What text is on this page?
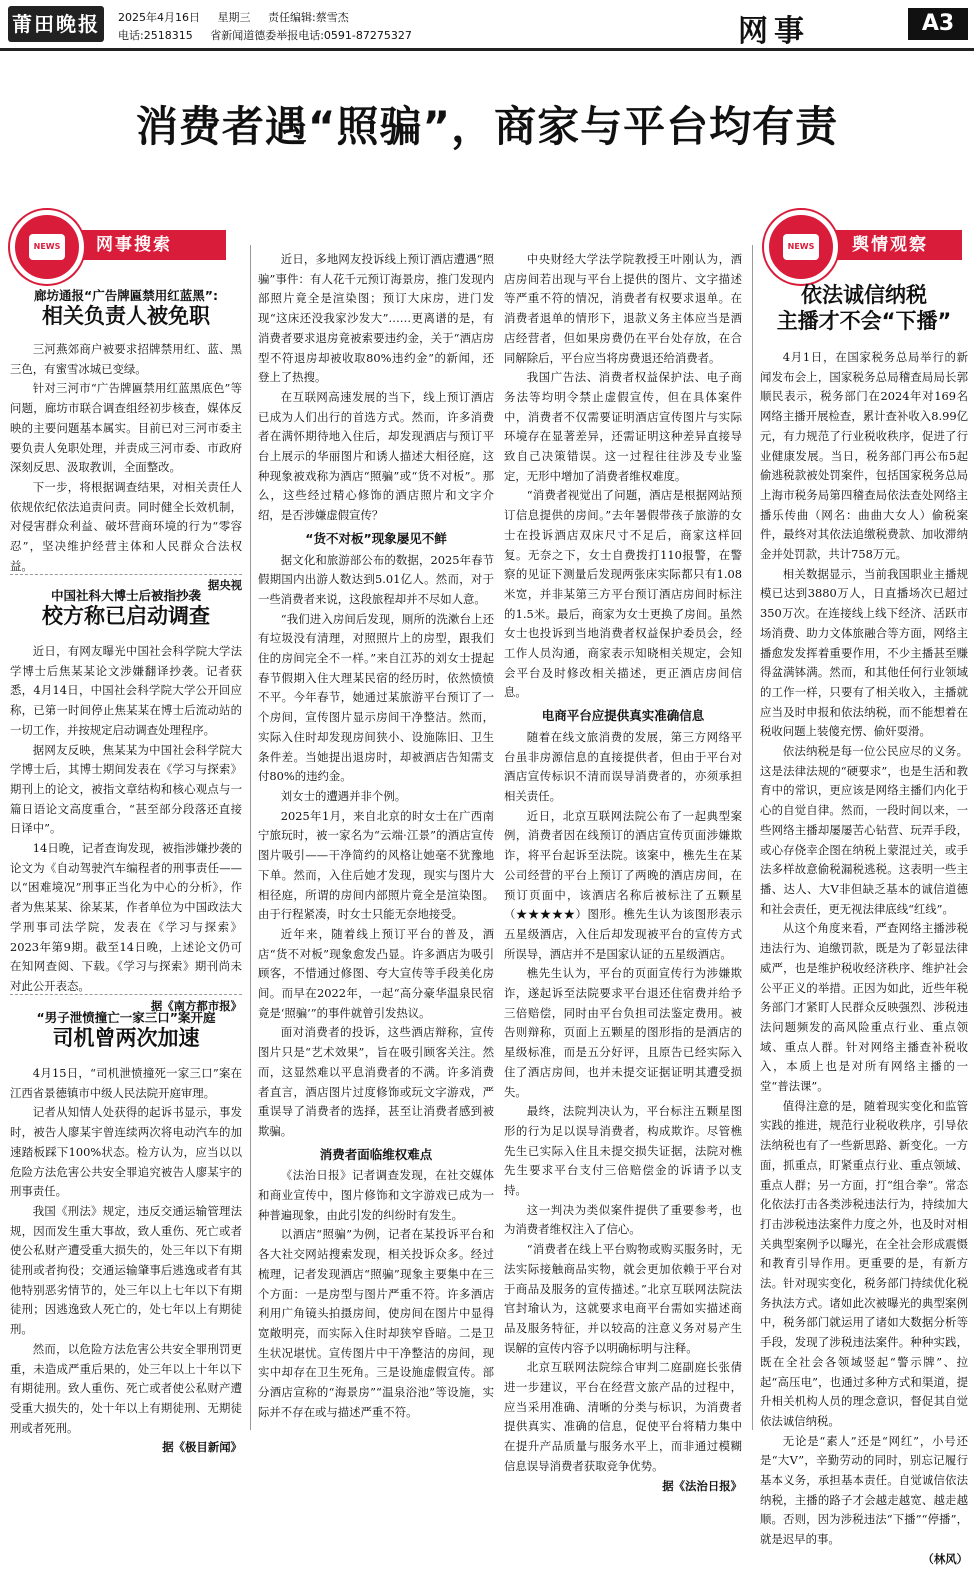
莆田晚报	2025年4月16日 星期三 责任编辑:蔡雪杰
电话:2518315 省新闻道德委举报电话:0591-87275327	网事	A3
消费者遇“照骗”，商家与平台均有责
网事搜索
NEWS
廊坊通报“广告牌匾禁用红蓝黑”:
相关负责人被免职

三河燕郊商户被要求招牌禁用红、蓝、黑三色，有蜜雪冰城已变绿。

针对三河市“广告牌匾禁用红蓝黑底色”等问题，廊坊市联合调查组经初步核查，媒体反映的主要问题基本属实。目前已对三河市委主要负责人免职处理，并责成三河市委、市政府深刻反思、汲取教训，全面整改。

下一步，将根据调查结果，对相关责任人依规依纪依法追责问责。同时健全长效机制，对侵害群众利益、破坏营商环境的行为“零容忍”，坚决维护经营主体和人民群众合法权益。

据央视
中国社科大博士后被指抄袭
校方称已启动调查

近日，有网友曝光中国社会科学院大学法学博士后焦某某论文涉嫌翻译抄袭。记者获悉，4月14日，中国社会科学院大学公开回应称，已第一时间停止焦某某在博士后流动站的一切工作，并按规定启动调查处理程序。

据网友反映，焦某某为中国社会科学院大学博士后，其博士期间发表在《学习与探索》期刊上的论文，被指文章结构和核心观点与一篇日语论文高度重合，“甚至部分段落还直接日译中”。

14日晚，记者查询发现，被指涉嫌抄袭的论文为《自动驾驶汽车编程者的刑事责任——以“困难境况”刑事正当化为中心的分析》，作者为焦某某、徐某某，作者单位为中国政法大学刑事司法学院，发表在《学习与探索》2023年第9期。截至14日晚，上述论文仍可在知网查阅、下载。《学习与探索》期刊尚未对此公开表态。

据《南方都市报》
“男子泄愤撞亡一家三口”案开庭
司机曾两次加速

4月15日，“司机泄愤撞死一家三口”案在江西省景德镇市中级人民法院开庭审理。

记者从知情人处获得的起诉书显示，事发时，被告人廖某宇曾连续两次将电动汽车的加速踏板踩下100%状态。检方认为，应当以以危险方法危害公共安全罪追究被告人廖某宇的刑事责任。

我国《刑法》规定，违反交通运输管理法规，因而发生重大事故，致人重伤、死亡或者使公私财产遭受重大损失的，处三年以下有期徒刑或者拘役；交通运输肇事后逃逸或者有其他特别恶劣情节的，处三年以上七年以下有期徒刑；因逃逸致人死亡的，处七年以上有期徒刑。

然而，以危险方法危害公共安全罪刑罚更重，未造成严重后果的，处三年以上十年以下有期徒刑。致人重伤、死亡或者使公私财产遭受重大损失的，处十年以上有期徒刑、无期徒刑或者死刑。

据《极目新闻》

近日，多地网友投诉线上预订酒店遭遇“照骗”事件：有人花千元预订海景房，推门发现内部照片竟全是渲染图；预订大床房，进门发现“这床还没我家沙发大”……更离谱的是，有消费者要求退房竟被索要违约金，关于“酒店房型不符退房却被收取80%违约金”的新闻，还登上了热搜。

在互联网高速发展的当下，线上预订酒店已成为人们出行的首选方式。然而，许多消费者在满怀期待地入住后，却发现酒店与预订平台上展示的华丽图片和诱人描述大相径庭，这种现象被戏称为酒店“照骗”或“货不对板”。那么，这些经过精心修饰的酒店照片和文字介绍，是否涉嫌虚假宣传？

“货不对板”现象屡见不鲜

据文化和旅游部公布的数据，2025年春节假期国内出游人数达到5.01亿人。然而，对于一些消费者来说，这段旅程却并不尽如人意。

“我们进入房间后发现，厕所的洗漱台上还有垃圾没有清理，对照照片上的房型，跟我们住的房间完全不一样。”来自江苏的刘女士提起春节假期入住大理某民宿的经历时，依然愤愤不平。今年春节，她通过某旅游平台预订了一个房间，宣传图片显示房间干净整洁。然而，实际入住时却发现房间狭小、设施陈旧、卫生条件差。当她提出退房时，却被酒店告知需支付80%的违约金。

刘女士的遭遇并非个例。

2025年1月，来自北京的时女士在广西南宁旅玩时，被一家名为“云端·江景”的酒店宣传图片吸引——干净简约的风格让她毫不犹豫地下单。然而，入住后她才发现，现实与图片大相径庭，所谓的房间内部照片竟全是渲染图。由于行程紧凑，时女士只能无奈地接受。

近年来，随着线上预订平台的普及，酒店“货不对板”现象愈发凸显。许多酒店为吸引顾客，不惜通过修图、夸大宣传等手段美化房间。而早在2022年，一起“高分豪华温泉民宿竟是‘照骗’”的事件就曾引发热议。

面对消费者的投诉，这些酒店辩称，宣传图片只是“艺术效果”，旨在吸引顾客关注。然而，这显然难以平息消费者的不满。许多消费者直言，酒店图片过度修饰或玩文字游戏，严重误导了消费者的选择，甚至让消费者感到被欺骗。

消费者面临维权难点

《法治日报》记者调查发现，在社交媒体和商业宣传中，图片修饰和文字游戏已成为一种普遍现象，由此引发的纠纷时有发生。

以酒店“照骗”为例，记者在某投诉平台和各大社交网站搜索发现，相关投诉众多。经过梳理，记者发现酒店“照骗”现象主要集中在三个方面：一是房型与图片严重不符。许多酒店利用广角镜头拍摄房间，使房间在图片中显得宽敞明亮，而实际入住时却狭窄昏暗。二是卫生状况堪忧。宣传图片中干净整洁的房间，现实中却存在卫生死角。三是设施虚假宣传。部分酒店宣称的“海景房”“温泉浴池”等设施，实际并不存在或与描述严重不符。

中央财经大学法学院教授王叶刚认为，酒店房间若出现与平台上提供的图片、文字描述等严重不符的情况，消费者有权要求退单。在消费者退单的情形下，退款义务主体应当是酒店经营者，但如果房费仍在平台处存放，在合同解除后，平台应当将房费退还给消费者。

我国广告法、消费者权益保护法、电子商务法等均明令禁止虚假宣传，但在具体案件中，消费者不仅需要证明酒店宣传图片与实际环境存在显著差异，还需证明这种差异直接导致自己决策错误。这一过程往往涉及专业鉴定，无形中增加了消费者维权难度。

“消费者视觉出了问题，酒店是根据网站预订信息提供的房间。”去年暑假带孩子旅游的女士在投诉酒店双床尺寸不足后，商家这样回复。无奈之下，女士自费拨打110报警，在警察的见证下测量后发现两张床实际都只有1.08米宽，并非某第三方平台预订酒店房间时标注的1.5米。最后，商家为女士更换了房间。虽然女士也投诉到当地消费者权益保护委员会，经工作人员沟通，商家表示知晓相关规定，会知会平台及时修改相关描述，更正酒店房间信息。

电商平台应提供真实准确信息

随着在线文旅消费的发展，第三方网络平台虽非房源信息的直接提供者，但由于平台对酒店宣传标识不清而误导消费者的，亦须承担相关责任。

近日，北京互联网法院公布了一起典型案例，消费者因在线预订的酒店宣传页面涉嫌欺诈，将平台起诉至法院。该案中，樵先生在某公司经营的平台上预订了两晚的酒店房间，在预订页面中，该酒店名称后被标注了五颗星（★★★★★）图形。樵先生认为该图形表示五星级酒店，入住后却发现被平台的宣传方式所误导，酒店并不是国家认证的五星级酒店。

樵先生认为，平台的页面宣传行为涉嫌欺诈，遂起诉至法院要求平台退还住宿费并给予三倍赔偿，同时由平台负担司法鉴定费用。被告则辩称，页面上五颗星的图形指的是酒店的星级标准，而是五分好评，且原告已经实际入住了酒店房间，也并未提交证据证明其遭受损失。

最终，法院判决认为，平台标注五颗星图形的行为足以误导消费者，构成欺诈。尽管樵先生已实际入住且未提交损失证据，法院对樵先生要求平台支付三倍赔偿金的诉请予以支持。

这一判决为类似案件提供了重要参考，也为消费者维权注入了信心。

“消费者在线上平台购物或购买服务时，无法实际接触商品实物，就会更加依赖于平台对于商品及服务的宣传描述。”北京互联网法院法官封瑜认为，这就要求电商平台需如实描述商品及服务特征，并以较高的注意义务对易产生误解的宣传内容予以明确标明与注释。

北京互联网法院综合审判二庭副庭长张倩进一步建议，平台在经营文旅产品的过程中，应当采用准确、清晰的分类与标识，为消费者提供真实、准确的信息，促使平台将精力集中在提升产品质量与服务水平上，而非通过模糊信息误导消费者获取竞争优势。

据《法治日报》
舆情观察
NEWS
依法诚信纳税
主播才不会“下播”

4月1日，在国家税务总局举行的新闻发布会上，国家税务总局稽查局局长郭顺民表示，税务部门在2024年对169名网络主播开展检查，累计查补收入8.99亿元，有力规范了行业税收秩序，促进了行业健康发展。当日，税务部门再公布5起偷逃税款被处罚案件，包括国家税务总局上海市税务局第四稽查局依法查处网络主播乐传曲（网名：曲曲大女人）偷税案件，最终对其依法追缴税费款、加收滞纳金并处罚款，共计758万元。

相关数据显示，当前我国职业主播规模已达到3880万人，日直播场次已超过350万次。在连接线上线下经济、活跃市场消费、助力文体旅融合等方面，网络主播愈发发挥着重要作用，不少主播甚至赚得盆满钵满。然而，和其他任何行业领域的工作一样，只要有了相关收入，主播就应当及时申报和依法纳税，而不能想着在税收问题上装傻充愣、偷奸耍滑。

依法纳税是每一位公民应尽的义务。这是法律法规的“硬要求”，也是生活和教育中的常识，更应该是网络主播们内化于心的自觉自律。然而，一段时间以来，一些网络主播却屡屡苦心钻营、玩弄手段，或心存侥幸企图在纳税上蒙混过关，或手法多样故意偷税漏税逃税。这表明一些主播、达人、大V非但缺乏基本的诚信道德和社会责任，更无视法律底线“红线”。

从这个角度来看，严查网络主播涉税违法行为、追缴罚款，既是为了彰显法律威严，也是维护税收经济秩序、维护社会公平正义的举措。正因为如此，近些年税务部门才紧盯人民群众反映强烈、涉税违法问题频发的高风险重点行业、重点领域、重点人群。针对网络主播查补税收入，本质上也是对所有网络主播的一堂“普法课”。

值得注意的是，随着现实变化和监管实践的推进，规范行业税收秩序，引导依法纳税也有了一些新思路、新变化。一方面，抓重点，盯紧重点行业、重点领域、重点人群；另一方面，打“组合拳”。常态化依法打击各类涉税违法行为，持续加大打击涉税违法案件力度之外，也及时对相关典型案例予以曝光，在全社会形成震慑和教育引导作用。更重要的是，有新方法。针对现实变化，税务部门持续优化税务执法方式。诸如此次被曝光的典型案例中，税务部门就运用了诸如大数据分析等手段，发现了涉税违法案件。种种实践，既在全社会各领域竖起“警示牌”、拉起“高压电”，也通过多种方式和渠道，提升相关机构人员的理念意识，督促其自觉依法诚信纳税。

无论是“素人”还是“网红”，小号还是“大V”，辛勤劳动的同时，别忘记履行基本义务，承担基本责任。自觉诚信依法纳税，主播的路子才会越走越宽、越走越顺。否则，因为涉税违法“下播”“停播”，就是迟早的事。

（林风）
